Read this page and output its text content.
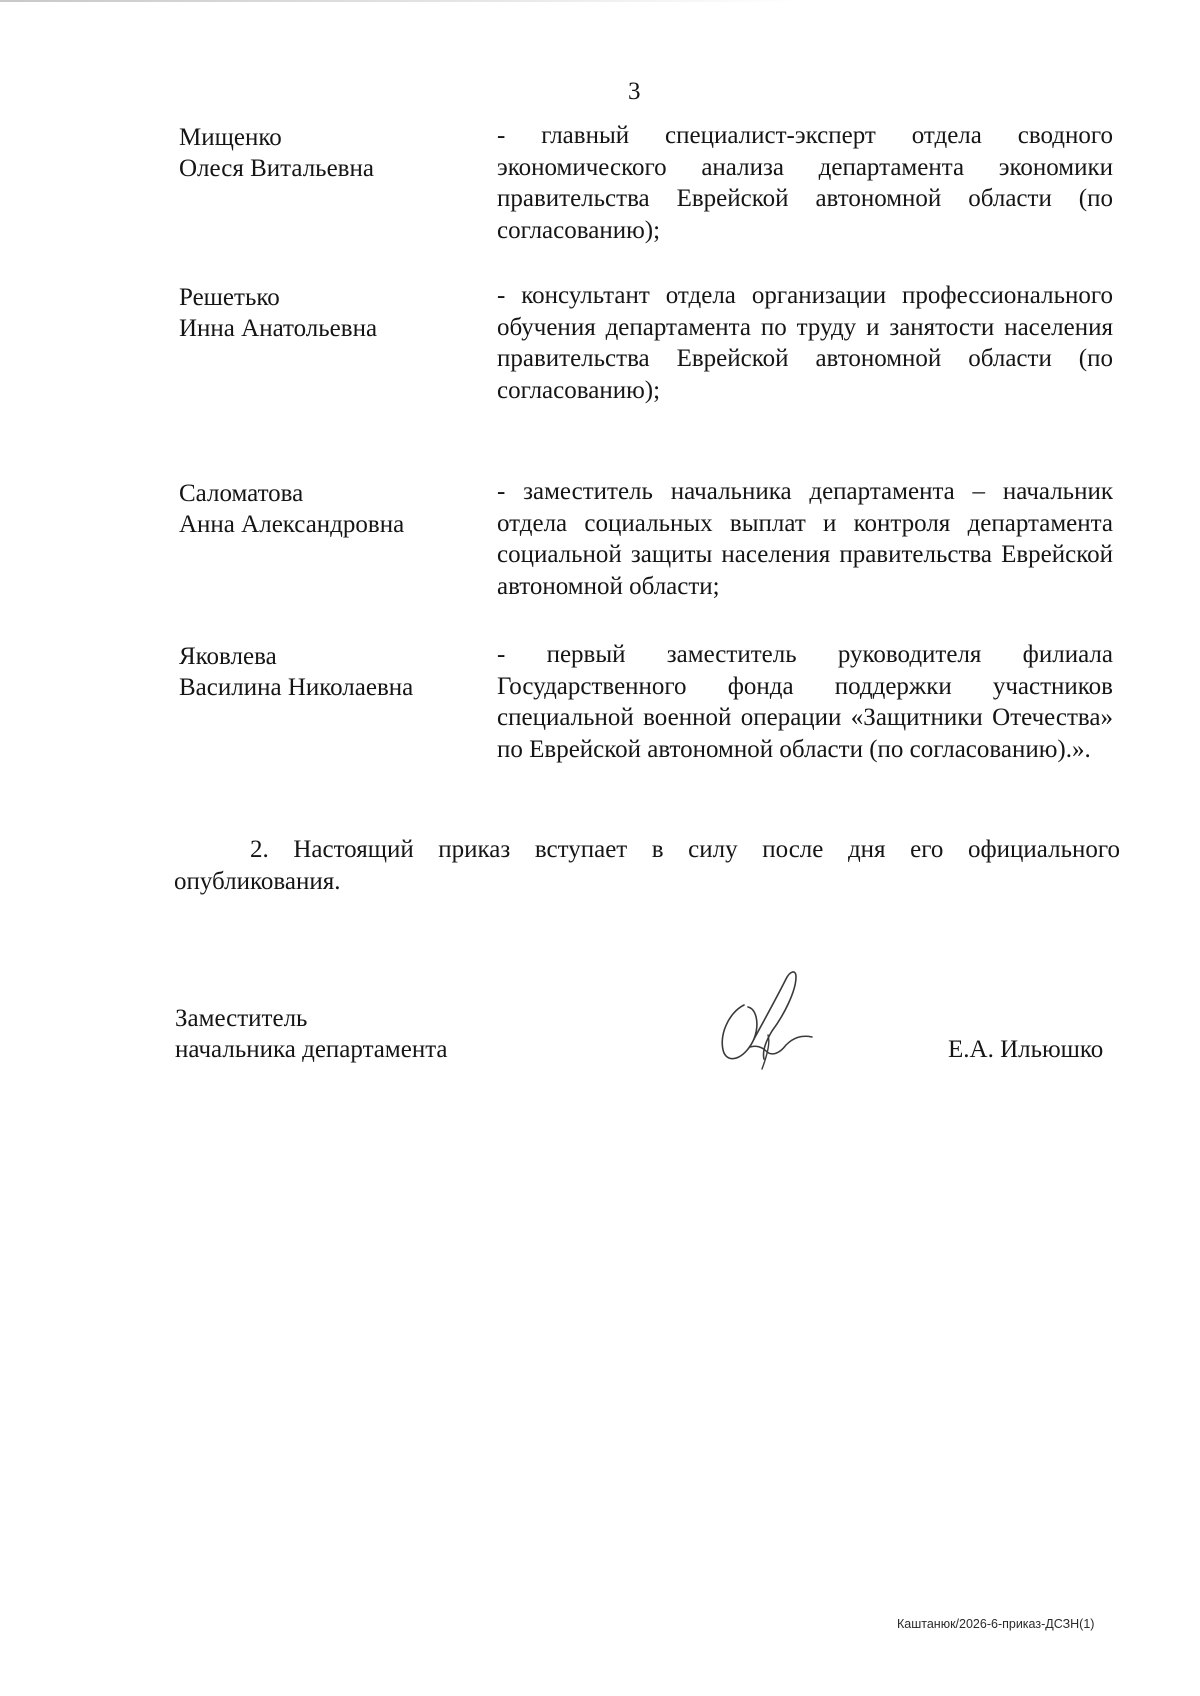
3
Мищенко
Олеся Витальевна
- главный специалист-эксперт отдела сводного экономического анализа департамента экономики правительства Еврейской автономной области (по согласованию);
Решетько
Инна Анатольевна
- консультант отдела организации профессионального обучения департамента по труду и занятости населения правительства Еврейской автономной области (по согласованию);
Саломатова
Анна Александровна
- заместитель начальника департамента – начальник отдела социальных выплат и контроля департамента социальной защиты населения правительства Еврейской автономной области;
Яковлева
Василина Николаевна
- первый заместитель руководителя филиала Государственного фонда поддержки участников специальной военной операции «Защитники Отечества» по Еврейской автономной области (по согласованию).».
2. Настоящий приказ вступает в силу после дня его официального опубликования.
Заместитель
начальника департамента	Е.А. Ильюшко
Каштанюк/2026-6-приказ-ДСЗН(1)
